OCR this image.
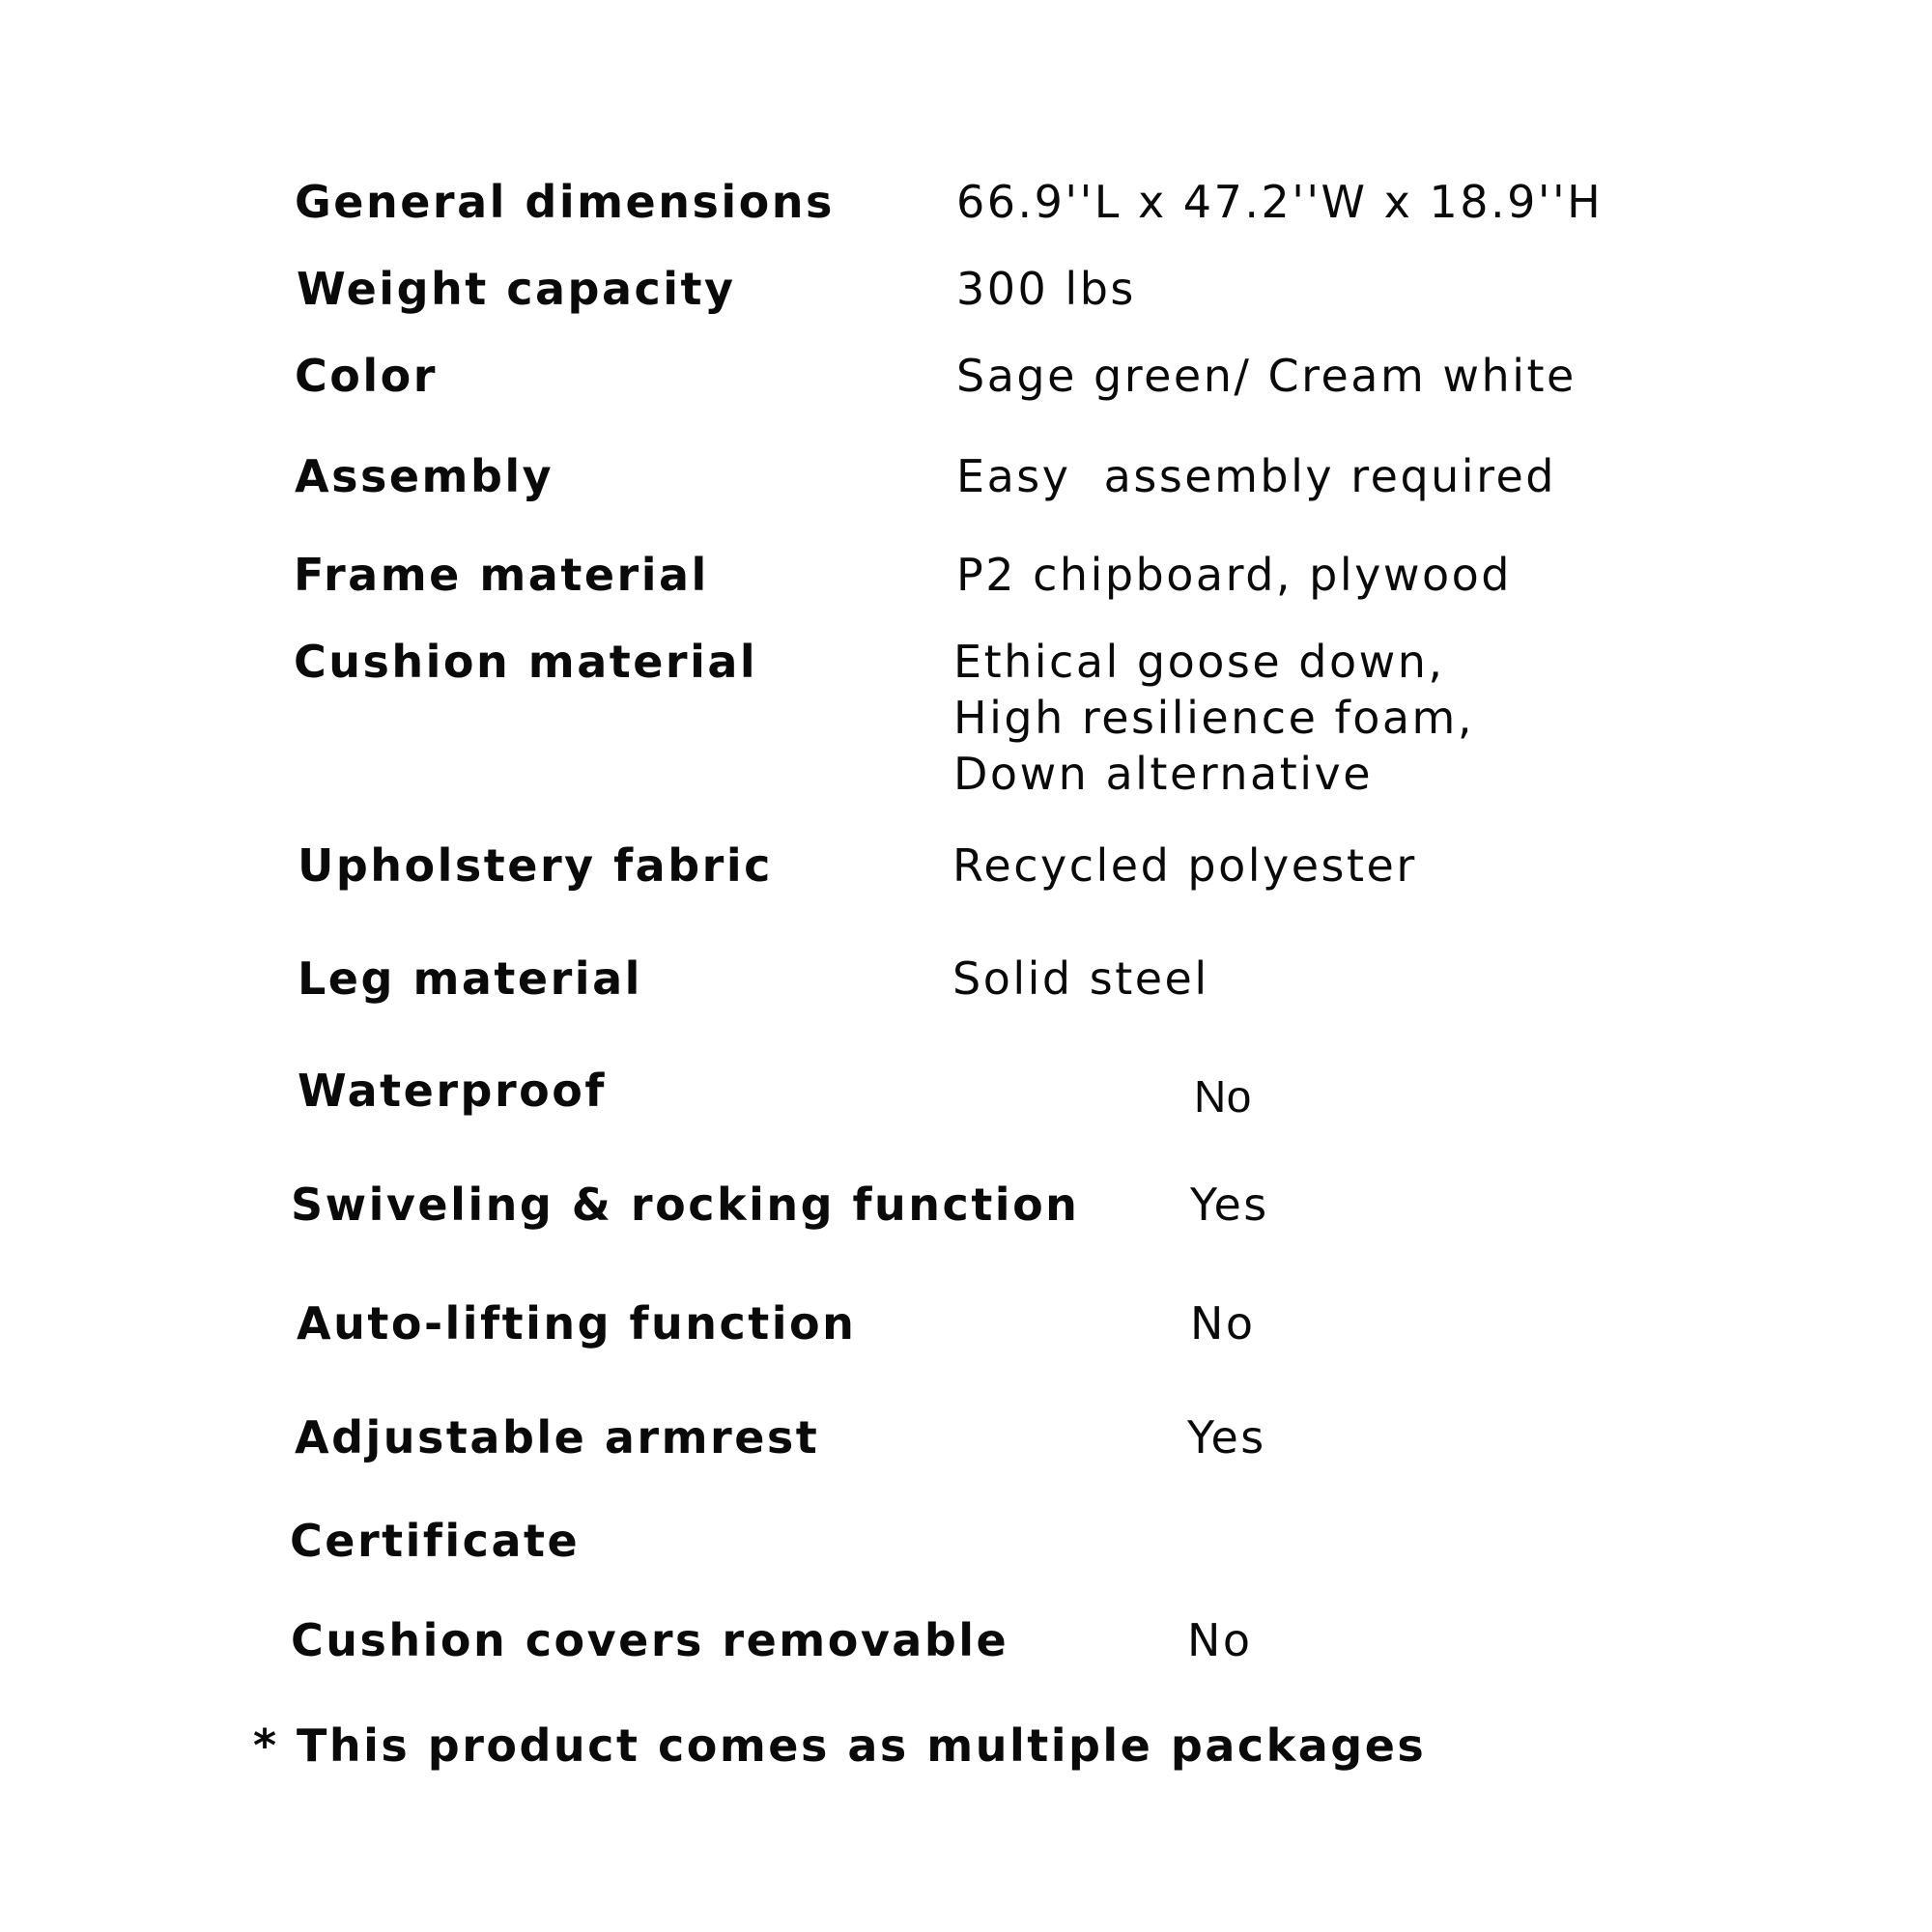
General dimensions	66.9''L x 47.2''W x 18.9''H
Weight capacity	300 lbs
Color	Sage green/ Cream white
Assembly	Easy  assembly required
Frame material	P2 chipboard, plywood
Cushion material	Ethical goose down,
High resilience foam,
Down alternative
Upholstery fabric	Recycled polyester
Leg material	Solid steel
Waterproof	No
Swiveling & rocking function Yes
Auto-lifting function	No
Adjustable armrest	Yes
Certificate
Cushion covers removable	No
* This product comes as multiple packages
